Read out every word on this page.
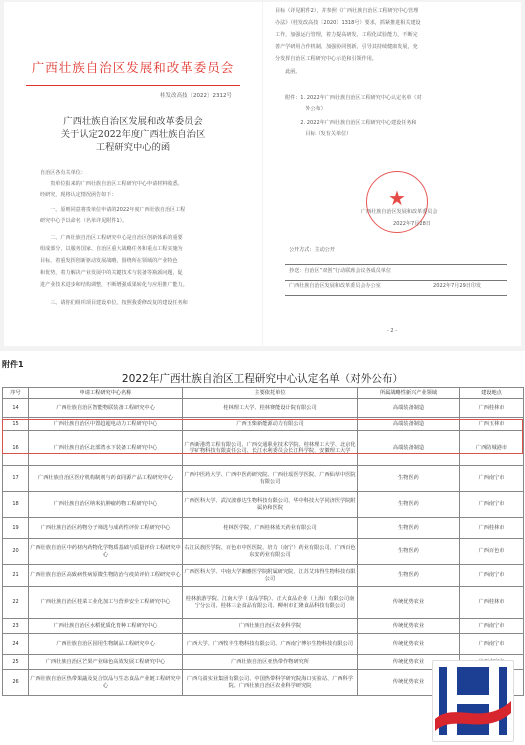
广西壮族自治区发展和改革委员会
桂发改高技〔2022〕2312号
广西壮族自治区发展和改革委员会
关于认定2022年度广西壮族自治区
工程研究中心的函
自治区各有关单位：
　　贵单位报来的广西壮族自治区工程研究中心申请材料收悉。
经研究，现将认定情况函告如下：
　　一、原则同意将贵单位申请的2022年度广西壮族自治区工程
研究中心予以命名（名单详见附件1）。
　　二、广西壮族自治区工程研究中心是自治区创新体系的重要
组成部分，以服务国家、自治区重大战略任务和重点工程实施为
目标，着重发挥创新驱动发展战略，围绕所在领域的产业特色
和优势，着力解决产业发展中的关键技术与装备等瓶颈问题，促
进产业技术进步和结构调整，不断增强成果转化与应用推广能力。
　　三、请你们组织项目建设单位，按照我委修改复的建设任务和
目标（详见附件2），并参照《广西壮族自治区工程研究中心管理
办法》（桂发改高技〔2020〕1318号）要求，抓紧推进相关建设
工作，加强运行管理，着力提高研发、工程化试验能力，不断完
善产学研用合作机制，加强协同创新，引导其持续健康发展，充
分发挥自治区工程研究中心示范和引领作用。
　　此函。
附件：1. 2022年广西壮族自治区工程研究中心认定名单（对
　　　　外公布）
　　　2. 2022年广西壮族自治区工程研究中心建设任务和
　　　　目标（发有关单位）
★
广西壮族自治区发展和改革委员会
2022年7月28日
公开方式：主动公开
抄送：自治区“双创”行动联席会议各成员单位
广西壮族自治区发展和改革委员会办公室	2022年7月29日印发
- 2 -
附件1
2022年广西壮族自治区工程研究中心认定名单（对外公布）
序号	申请工程研究中心名称	主要依托单位	所属战略性新兴产业领域	建设地点
14	广西壮族自治区智能物联装备工程研究中心	桂林理工大学、桂林赛能设计院有限公司	高端装备制造	广西桂林市
15	广西壮族自治区中置趋超电动力工程研究中心	广西玉柴新能源动力有限公司	高端装备制造	广西玉林市
16	广西壮族自治区北部湾水下装备工程研究中心	广西新港湾工程有限公司、广西交通职业技术学院、桂林理工大学、北京化学矿物科技有限责任公司、长江水利委员会长江科学院、安徽理工大学	高端装备制造	广西防城港市
17	广西壮族自治区医疗机构制剂与药食同源产品工程研究中心	广西中医药大学、广西中医药研究院、广西壮瑶医学医院、广西仙草中医院有限公司	生物医药	广西南宁市
18	广西壮族自治区纳米抗肿瘤药物工程研究中心	广西医科大学、武汉波睿达生物科技有限公司、华中科技大学同济医学院附属协和医院	生物医药	广西南宁市
19	广西壮族自治区药物分子筛选与成药性评价工程研究中心	桂林医学院、广西桂林蓝天药业有限公司	生物医药	广西桂林市
20	广西壮族自治区中药材内药物化学物质基础与质量评价工程研究中心	右江民族医学院、百色市中医医院、培力（南宁）药业有限公司、广西百色东安药业有限公司	生物医药	广西百色市
21	广西壮族自治区高致病性病原微生物防治与疫苗评价工程研究中心	广西医科大学、中南大学湘雅医学院附属研究院、江苏艾玮得生物科技有限公司	生物医药	广西南宁市
22	广西壮族自治区桂菜工业化加工与营养安全工程研究中心	桂林旅游学院、江南大学（食品学院）、正大食品企业（上海）有限公司南宁分公司、桂林三金食品有限公司、柳州市汇隆食品科技有限公司	传统优势农业	广西桂林市
23	广西壮族自治区水稻优质化育种工程研究中心	广西壮族自治区农业科学院	传统优势农业	广西南宁市
24	广西壮族自治区园用生物制品工程研究中心	广西大学、广西牧丰生物科技有限公司、广西南宁博尔生物科技有限公司	传统优势农业	广西南宁市
25	广西壮族自治区芒果产业绿色高效发展工程研究中心	广西壮族自治区亚热带作物研究所	传统优势农业	
26	广西壮族自治区热带果蔬及复合饮品与生态食品产业链工程研究中心	广西乌盈实业集团有限公司、中国热带科学研究院海口实验站、广西科学院、广西壮族自治区农业科学研究院	传统优势农业	
